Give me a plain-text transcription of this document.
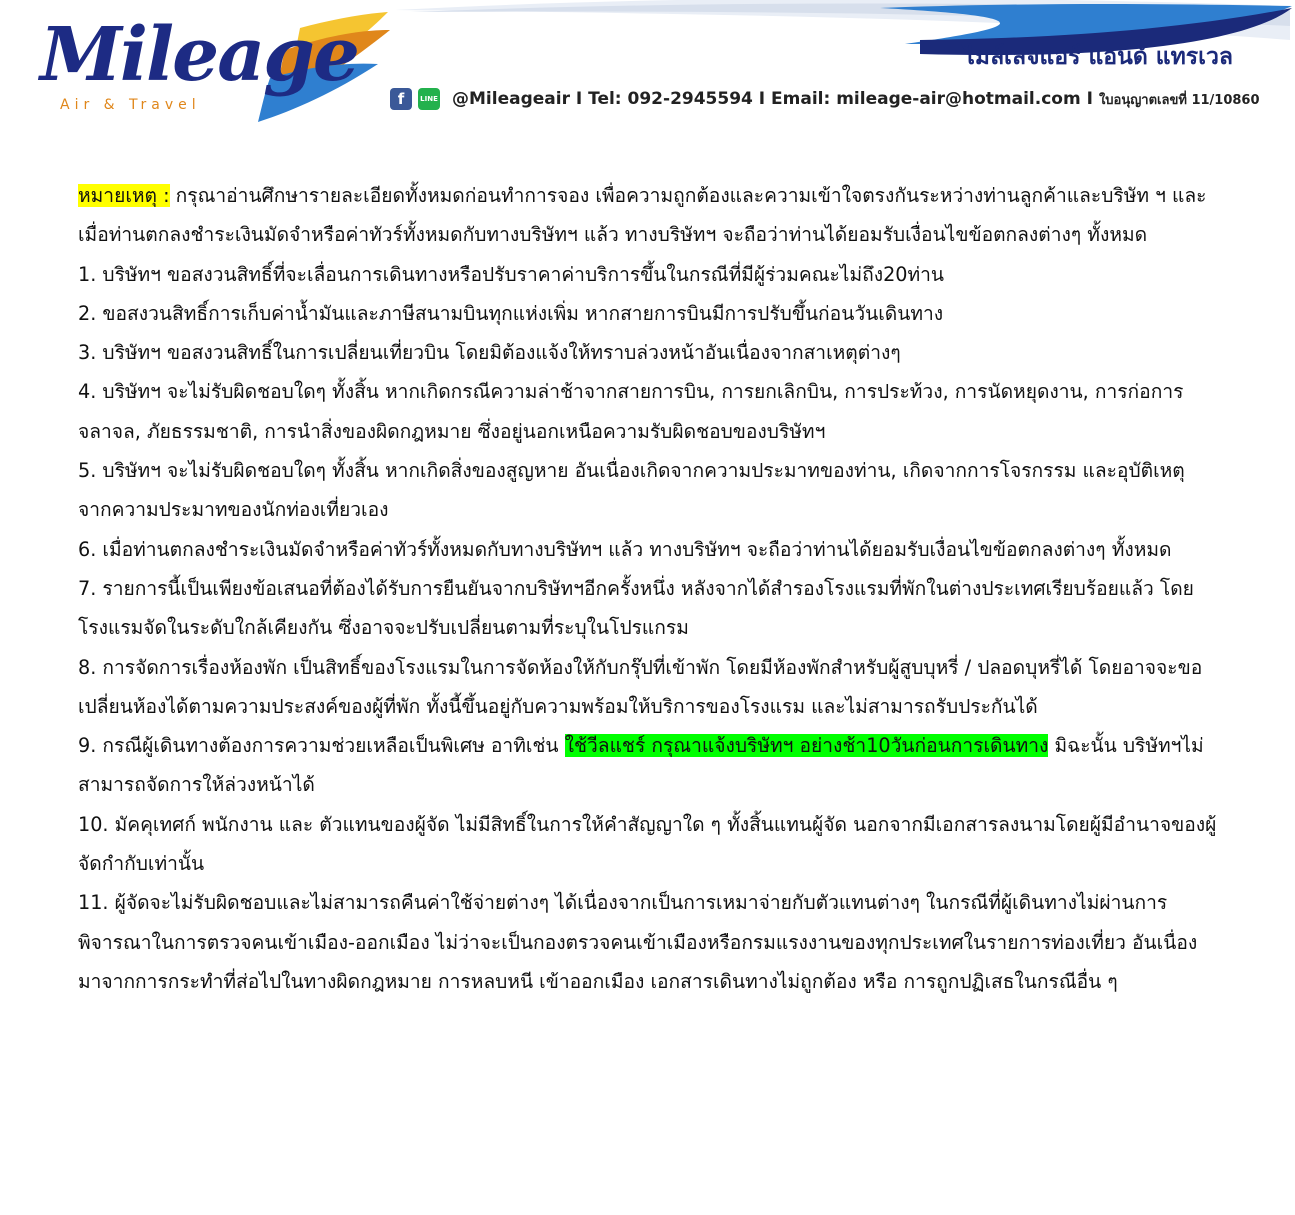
Mileage
Air & Travel
ไมล์เลจแอร์ แอนด์ แทรเวล
f	LINE @Mileageair I Tel: 092-2945594 I Email: mileage-air@hotmail.com I ใบอนุญาตเลขที่ 11/10860

หมายเหตุ : กรุณาอ่านศึกษารายละเอียดทั้งหมดก่อนทำการจอง เพื่อความถูกต้องและความเข้าใจตรงกันระหว่างท่านลูกค้าและบริษัท ฯ และเมื่อท่านตกลงชำระเงินมัดจำหรือค่าทัวร์ทั้งหมดกับทางบริษัทฯ แล้ว ทางบริษัทฯ จะถือว่าท่านได้ยอมรับเงื่อนไขข้อตกลงต่างๆ ทั้งหมด

1. บริษัทฯ ขอสงวนสิทธิ์ที่จะเลื่อนการเดินทางหรือปรับราคาค่าบริการขึ้นในกรณีที่มีผู้ร่วมคณะไม่ถึง20ท่าน

2. ขอสงวนสิทธิ์การเก็บค่าน้ำมันและภาษีสนามบินทุกแห่งเพิ่ม หากสายการบินมีการปรับขึ้นก่อนวันเดินทาง

3. บริษัทฯ ขอสงวนสิทธิ์ในการเปลี่ยนเที่ยวบิน โดยมิต้องแจ้งให้ทราบล่วงหน้าอันเนื่องจากสาเหตุต่างๆ

4. บริษัทฯ จะไม่รับผิดชอบใดๆ ทั้งสิ้น หากเกิดกรณีความล่าช้าจากสายการบิน, การยกเลิกบิน, การประท้วง, การนัดหยุดงาน, การก่อการจลาจล, ภัยธรรมชาติ, การนำสิ่งของผิดกฎหมาย ซึ่งอยู่นอกเหนือความรับผิดชอบของบริษัทฯ

5. บริษัทฯ จะไม่รับผิดชอบใดๆ ทั้งสิ้น หากเกิดสิ่งของสูญหาย อันเนื่องเกิดจากความประมาทของท่าน, เกิดจากการโจรกรรม และอุบัติเหตุจากความประมาทของนักท่องเที่ยวเอง

6. เมื่อท่านตกลงชำระเงินมัดจำหรือค่าทัวร์ทั้งหมดกับทางบริษัทฯ แล้ว ทางบริษัทฯ จะถือว่าท่านได้ยอมรับเงื่อนไขข้อตกลงต่างๆ ทั้งหมด

7. รายการนี้เป็นเพียงข้อเสนอที่ต้องได้รับการยืนยันจากบริษัทฯอีกครั้งหนึ่ง หลังจากได้สำรองโรงแรมที่พักในต่างประเทศเรียบร้อยแล้ว โดยโรงแรมจัดในระดับใกล้เคียงกัน ซึ่งอาจจะปรับเปลี่ยนตามที่ระบุในโปรแกรม

8. การจัดการเรื่องห้องพัก เป็นสิทธิ์ของโรงแรมในการจัดห้องให้กับกรุ๊ปที่เข้าพัก โดยมีห้องพักสำหรับผู้สูบบุหรี่ / ปลอดบุหรี่ได้ โดยอาจจะขอเปลี่ยนห้องได้ตามความประสงค์ของผู้ที่พัก ทั้งนี้ขึ้นอยู่กับความพร้อมให้บริการของโรงแรม และไม่สามารถรับประกันได้

9. กรณีผู้เดินทางต้องการความช่วยเหลือเป็นพิเศษ อาทิเช่น ใช้วีลแชร์ กรุณาแจ้งบริษัทฯ อย่างช้า10วันก่อนการเดินทาง มิฉะนั้น บริษัทฯไม่สามารถจัดการให้ล่วงหน้าได้

10. มัคคุเทศก์ พนักงาน และ ตัวแทนของผู้จัด ไม่มีสิทธิ์ในการให้คำสัญญาใด ๆ ทั้งสิ้นแทนผู้จัด นอกจากมีเอกสารลงนามโดยผู้มีอำนาจของผู้จัดกำกับเท่านั้น

11. ผู้จัดจะไม่รับผิดชอบและไม่สามารถคืนค่าใช้จ่ายต่างๆ ได้เนื่องจากเป็นการเหมาจ่ายกับตัวแทนต่างๆ ในกรณีที่ผู้เดินทางไม่ผ่านการพิจารณาในการตรวจคนเข้าเมือง-ออกเมือง ไม่ว่าจะเป็นกองตรวจคนเข้าเมืองหรือกรมแรงงานของทุกประเทศในรายการท่องเที่ยว อันเนื่องมาจากการกระทำที่ส่อไปในทางผิดกฎหมาย การหลบหนี เข้าออกเมือง เอกสารเดินทางไม่ถูกต้อง หรือ การถูกปฏิเสธในกรณีอื่น ๆ
